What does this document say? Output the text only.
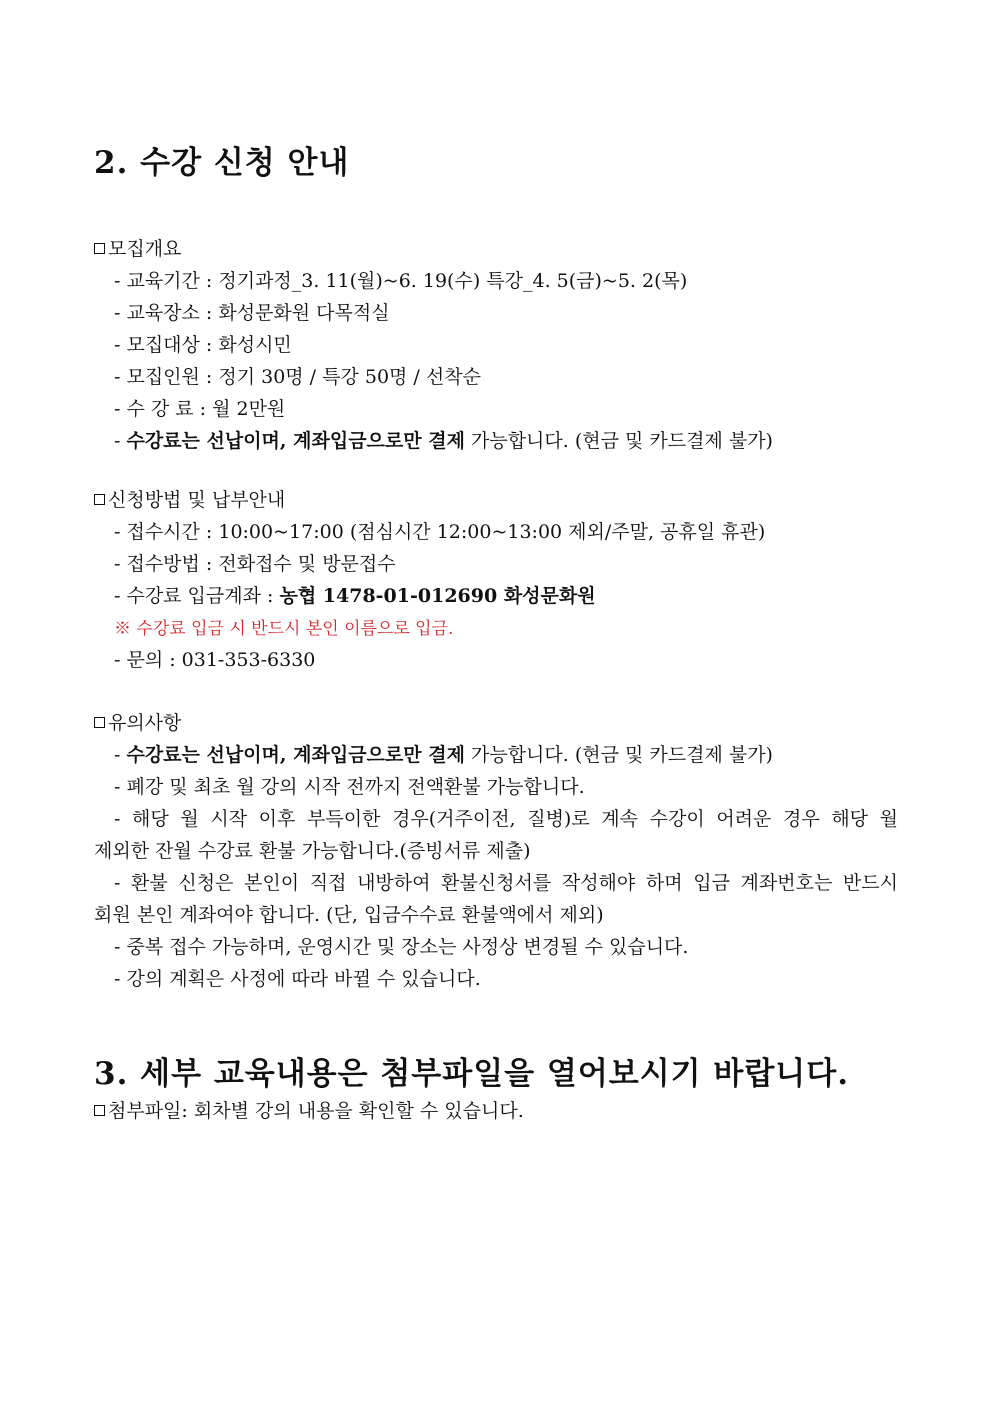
2. 수강 신청 안내
모집개요
- 교육기간 : 정기과정_3. 11(월)~6. 19(수) 특강_4. 5(금)~5. 2(목)
- 교육장소 : 화성문화원 다목적실
- 모집대상 : 화성시민
- 모집인원 : 정기 30명 / 특강 50명 / 선착순
- 수 강 료 : 월 2만원
- 수강료는 선납이며, 계좌입금으로만 결제 가능합니다. (현금 및 카드결제 불가)
신청방법 및 납부안내
- 접수시간 : 10:00~17:00 (점심시간 12:00~13:00 제외/주말, 공휴일 휴관)
- 접수방법 : 전화접수 및 방문접수
- 수강료 입금계좌 : 농협 1478-01-012690 화성문화원
※ 수강료 입금 시 반드시 본인 이름으로 입금.
- 문의 : 031-353-6330
유의사항
- 수강료는 선납이며, 계좌입금으로만 결제 가능합니다. (현금 및 카드결제 불가)
- 폐강 및 최초 월 강의 시작 전까지 전액환불 가능합니다.
- 해당 월 시작 이후 부득이한 경우(거주이전, 질병)로 계속 수강이 어려운 경우 해당 월
제외한 잔월 수강료 환불 가능합니다.(증빙서류 제출)
- 환불 신청은 본인이 직접 내방하여 환불신청서를 작성해야 하며 입금 계좌번호는 반드시
회원 본인 계좌여야 합니다. (단, 입금수수료 환불액에서 제외)
- 중복 접수 가능하며, 운영시간 및 장소는 사정상 변경될 수 있습니다.
- 강의 계획은 사정에 따라 바뀔 수 있습니다.
3. 세부 교육내용은 첨부파일을 열어보시기 바랍니다.
첨부파일: 회차별 강의 내용을 확인할 수 있습니다.
